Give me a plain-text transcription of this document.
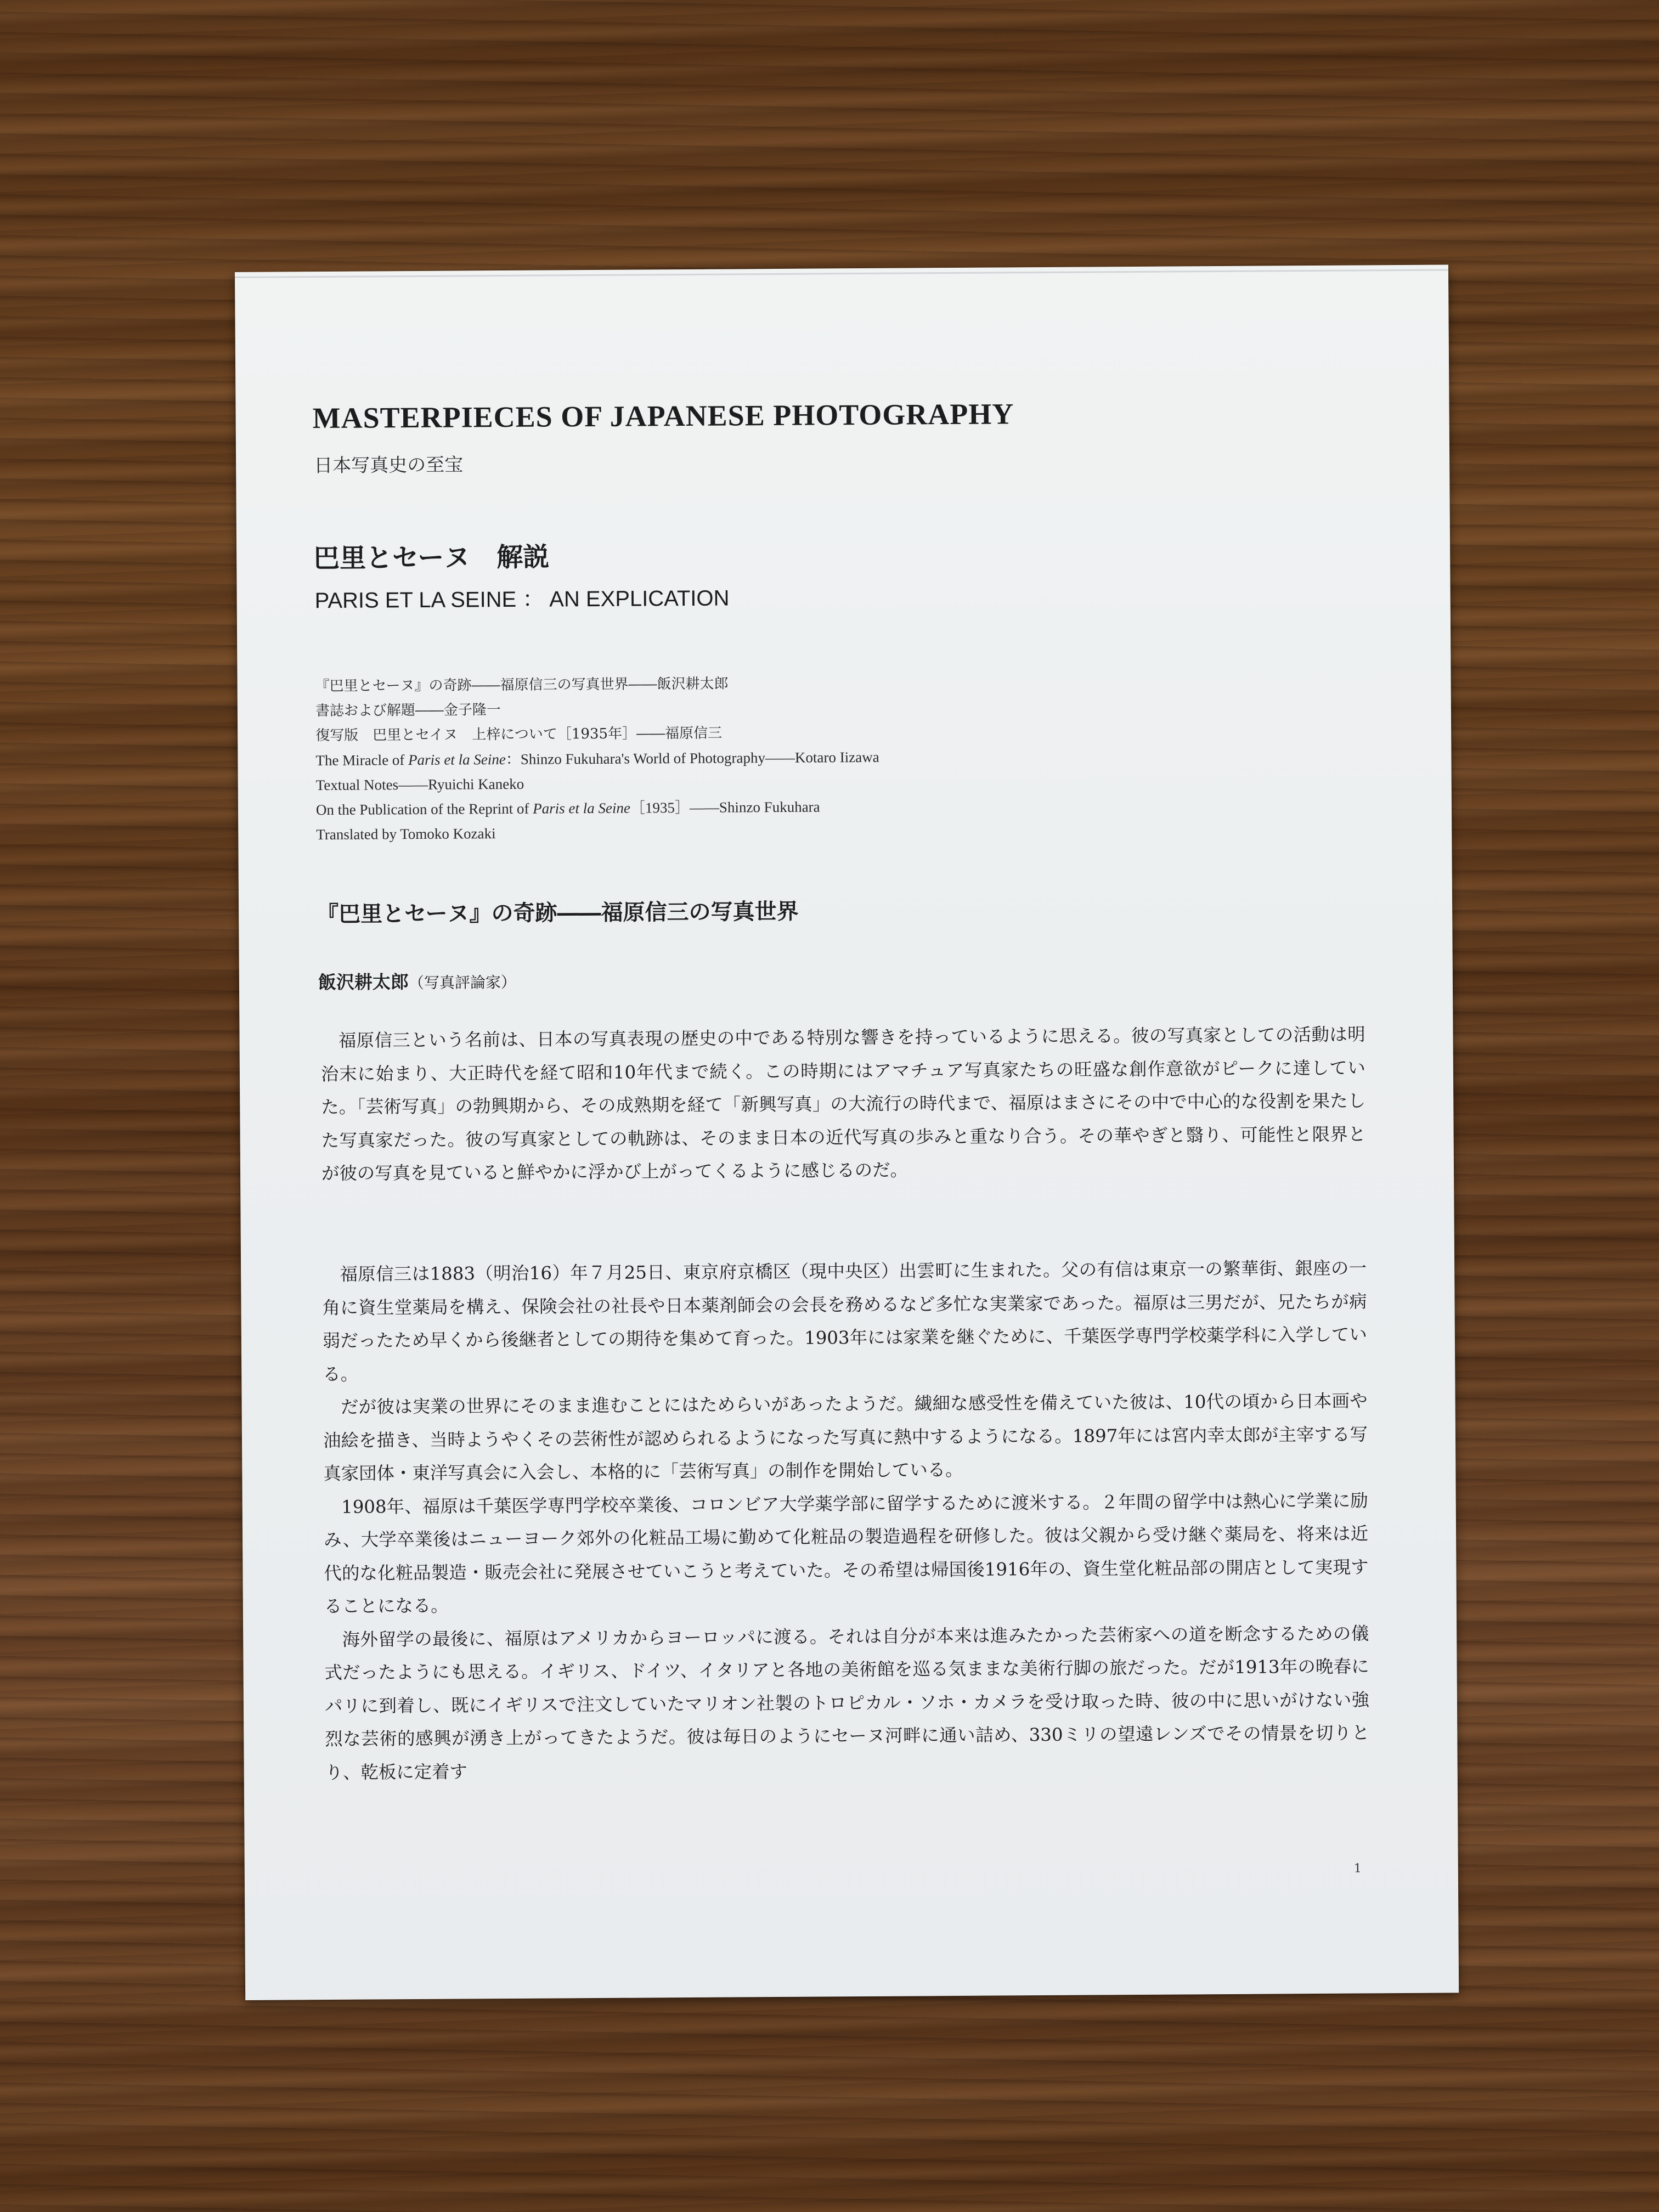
MASTERPIECES OF JAPANESE PHOTOGRAPHY
日本写真史の至宝
巴里とセーヌ　解説
PARIS ET LA SEINE ： AN EXPLICATION
『巴里とセーヌ』の奇跡――福原信三の写真世界――飯沢耕太郎
書誌および解題――金子隆一
復写版　巴里とセイヌ　上梓について［1935年］――福原信三
The Miracle of Paris et la Seine：Shinzo Fukuhara's World of Photography――Kotaro Iizawa
Textual Notes――Ryuichi Kaneko
On the Publication of the Reprint of Paris et la Seine［1935］――Shinzo Fukuhara
Translated by Tomoko Kozaki
『巴里とセーヌ』の奇跡――福原信三の写真世界
飯沢耕太郎（写真評論家）

福原信三という名前は、日本の写真表現の歴史の中である特別な響きを持っているように思える。彼の写真家としての活動は明治末に始まり、大正時代を経て昭和10年代まで続く。この時期にはアマチュア写真家たちの旺盛な創作意欲がピークに達していた。「芸術写真」の勃興期から、その成熟期を経て「新興写真」の大流行の時代まで、福原はまさにその中で中心的な役割を果たした写真家だった。彼の写真家としての軌跡は、そのまま日本の近代写真の歩みと重なり合う。その華やぎと翳り、可能性と限界とが彼の写真を見ていると鮮やかに浮かび上がってくるように感じるのだ。

福原信三は1883（明治16）年７月25日、東京府京橋区（現中央区）出雲町に生まれた。父の有信は東京一の繁華街、銀座の一角に資生堂薬局を構え、保険会社の社長や日本薬剤師会の会長を務めるなど多忙な実業家であった。福原は三男だが、兄たちが病弱だったため早くから後継者としての期待を集めて育った。1903年には家業を継ぐために、千葉医学専門学校薬学科に入学している。

だが彼は実業の世界にそのまま進むことにはためらいがあったようだ。繊細な感受性を備えていた彼は、10代の頃から日本画や油絵を描き、当時ようやくその芸術性が認められるようになった写真に熱中するようになる。1897年には宮内幸太郎が主宰する写真家団体・東洋写真会に入会し、本格的に「芸術写真」の制作を開始している。

1908年、福原は千葉医学専門学校卒業後、コロンビア大学薬学部に留学するために渡米する。２年間の留学中は熱心に学業に励み、大学卒業後はニューヨーク郊外の化粧品工場に勤めて化粧品の製造過程を研修した。彼は父親から受け継ぐ薬局を、将来は近代的な化粧品製造・販売会社に発展させていこうと考えていた。その希望は帰国後1916年の、資生堂化粧品部の開店として実現することになる。

海外留学の最後に、福原はアメリカからヨーロッパに渡る。それは自分が本来は進みたかった芸術家への道を断念するための儀式だったようにも思える。イギリス、ドイツ、イタリアと各地の美術館を巡る気ままな美術行脚の旅だった。だが1913年の晩春にパリに到着し、既にイギリスで注文していたマリオン社製のトロピカル・ソホ・カメラを受け取った時、彼の中に思いがけない強烈な芸術的感興が湧き上がってきたようだ。彼は毎日のようにセーヌ河畔に通い詰め、330ミリの望遠レンズでその情景を切りとり、乾板に定着す

1
